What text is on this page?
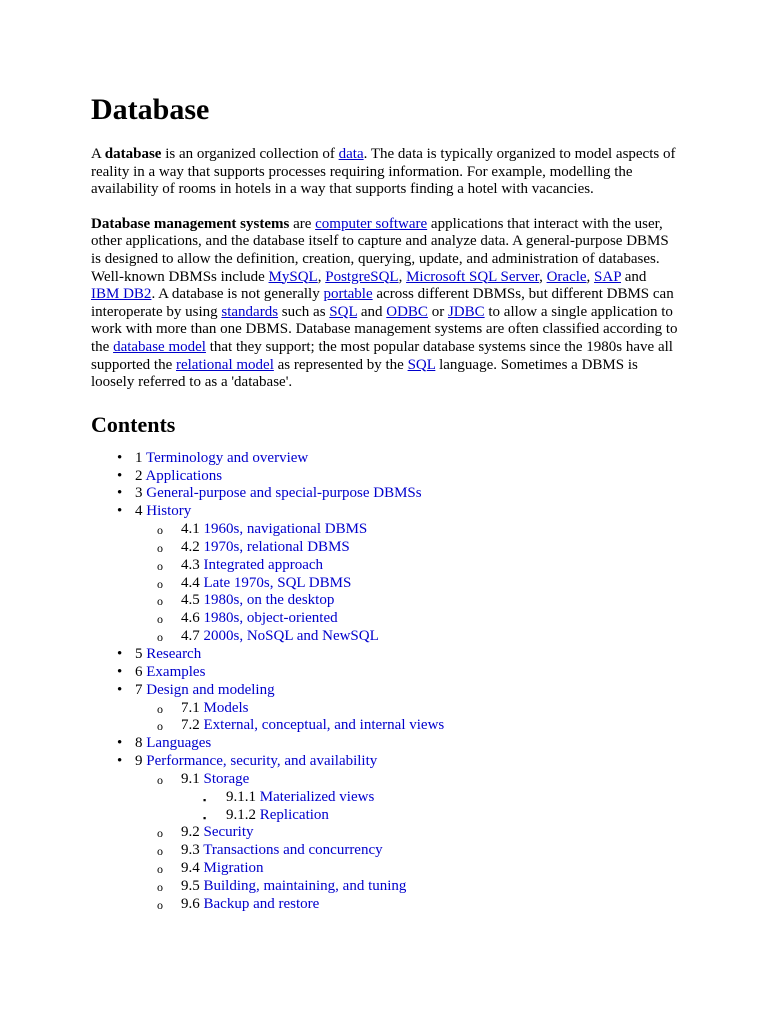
Database

A database is an organized collection of data. The data is typically organized to model aspects of reality in a way that supports processes requiring information. For example, modelling the availability of rooms in hotels in a way that supports finding a hotel with vacancies.

Database management systems are computer software applications that interact with the user, other applications, and the database itself to capture and analyze data. A general-purpose DBMS is designed to allow the definition, creation, querying, update, and administration of databases. Well-known DBMSs include MySQL, PostgreSQL, Microsoft SQL Server, Oracle, SAP and IBM DB2. A database is not generally portable across different DBMSs, but different DBMS can interoperate by using standards such as SQL and ODBC or JDBC to allow a single application to work with more than one DBMS. Database management systems are often classified according to the database model that they support; the most popular database systems since the 1980s have all supported the relational model as represented by the SQL language. Sometimes a DBMS is loosely referred to as a 'database'.

Contents
• 1 Terminology and overview
• 2 Applications
• 3 General-purpose and special-purpose DBMSs
• 4 History
o 4.1 1960s, navigational DBMS
o 4.2 1970s, relational DBMS
o 4.3 Integrated approach
o 4.4 Late 1970s, SQL DBMS
o 4.5 1980s, on the desktop
o 4.6 1980s, object-oriented
o 4.7 2000s, NoSQL and NewSQL
• 5 Research
• 6 Examples
• 7 Design and modeling
o 7.1 Models
o 7.2 External, conceptual, and internal views
• 8 Languages
• 9 Performance, security, and availability
o 9.1 Storage
▪ 9.1.1 Materialized views
▪ 9.1.2 Replication
o 9.2 Security
o 9.3 Transactions and concurrency
o 9.4 Migration
o 9.5 Building, maintaining, and tuning
o 9.6 Backup and restore
